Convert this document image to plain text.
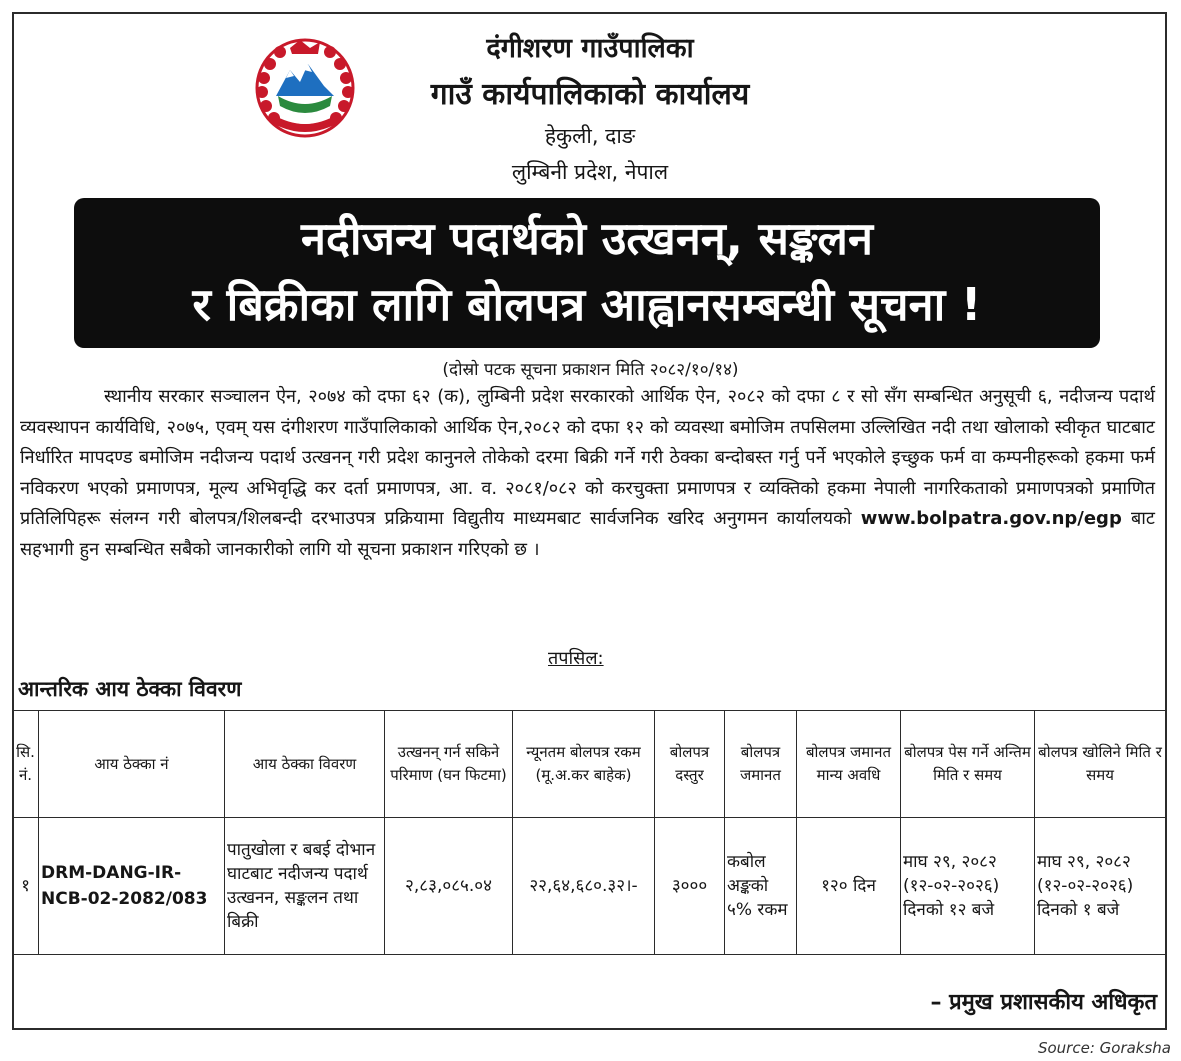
दंगीशरण गाउँपालिका
गाउँ कार्यपालिकाको कार्यालय
हेकुली, दाङ
लुम्बिनी प्रदेश, नेपाल
नदीजन्य पदार्थको उत्खनन्, सङ्कलन
र बिक्रीका लागि बोलपत्र आह्वानसम्बन्धी सूचना !
(दोस्रो पटक सूचना प्रकाशन मिति २०८२/१०/१४)

स्थानीय सरकार सञ्चालन ऐन, २०७४ को दफा ६२ (क), लुम्बिनी प्रदेश सरकारको आर्थिक ऐन, २०८२ को दफा ८ र सो सँग सम्बन्धित अनुसूची ६, नदीजन्य पदार्थ व्यवस्थापन कार्यविधि, २०७५, एवम् यस दंगीशरण गाउँपालिकाको आर्थिक ऐन,२०८२ को दफा १२ को व्यवस्था बमोजिम तपसिलमा उल्लिखित नदी तथा खोलाको स्वीकृत घाटबाट निर्धारित मापदण्ड बमोजिम नदीजन्य पदार्थ उत्खनन् गरी प्रदेश कानुनले तोकेको दरमा बिक्री गर्ने गरी ठेक्का बन्दोबस्त गर्नु पर्ने भएकोले इच्छुक फर्म वा कम्पनीहरूको हकमा फर्म नविकरण भएको प्रमाणपत्र, मूल्य अभिवृद्धि कर दर्ता प्रमाणपत्र, आ. व. २०८१/०८२ को करचुक्ता प्रमाणपत्र र व्यक्तिको हकमा नेपाली नागरिकताको प्रमाणपत्रको प्रमाणित प्रतिलिपिहरू संलग्न गरी बोलपत्र/शिलबन्दी दरभाउपत्र प्रक्रियामा विद्युतीय माध्यमबाट सार्वजनिक खरिद अनुगमन कार्यालयको www.bolpatra.gov.np/egp बाट सहभागी हुन सम्बन्धित सबैको जानकारीको लागि यो सूचना प्रकाशन गरिएको छ ।

तपसिल:
आन्तरिक आय ठेक्का विवरण
सि. नं.	आय ठेक्का नं	आय ठेक्का विवरण	उत्खनन् गर्न सकिने परिमाण (घन फिटमा)	न्यूनतम बोलपत्र रकम (मू.अ.कर बाहेक)	बोलपत्र दस्तुर	बोलपत्र जमानत	बोलपत्र जमानत मान्य अवधि	बोलपत्र पेस गर्ने अन्तिम मिति र समय	बोलपत्र खोलिने मिति र समय
१	DRM-DANG-IR-NCB-02-2082/083	पातुखोला र बबई दोभान घाटबाट नदीजन्य पदार्थ उत्खनन, सङ्कलन तथा बिक्री	२,८३,०८५.०४	२२,६४,६८०.३२।-	३०००	कबोल अङ्कको ५% रकम	१२० दिन	माघ २९, २०८२ (१२-०२-२०२६) दिनको १२ बजे	माघ २९, २०८२ (१२-०२-२०२६) दिनको १ बजे
– प्रमुख प्रशासकीय अधिकृत
Source: Goraksha
